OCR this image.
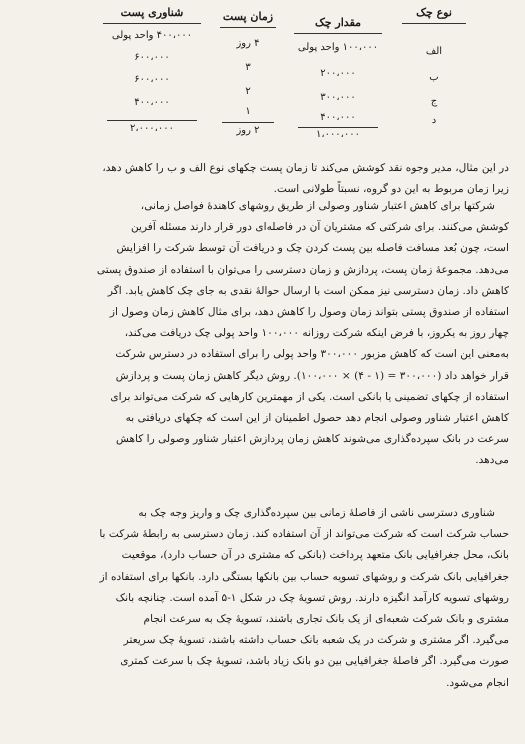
نوع چک
الف
ب
ج
د
مقدار چک
۱۰۰،۰۰۰ واحد پولی
۲۰۰،۰۰۰
۳۰۰،۰۰۰
۴۰۰،۰۰۰
۱،۰۰۰،۰۰۰
زمان پست
۴ روز
۳
۲
۱
۲ روز
شناوری پست
۴۰۰،۰۰۰ واحد پولی
۶۰۰،۰۰۰
۶۰۰،۰۰۰
۴۰۰،۰۰۰
۲،۰۰۰،۰۰۰
در این مثال، مدیر وجوه نقد کوشش می‌کند تا زمان پست چکهای نوع الف و ب را کاهش دهد،
زیرا زمان مربوط به این دو گروه، نسبتاً طولانی است.
شرکتها برای کاهش اعتبار شناور وصولی از طریق روشهای کاهندهٔ فواصل زمانی،
کوشش می‌کنند. برای شرکتی که مشتریان آن در فاصله‌ای دور قرار دارند مسئله آفرین
است، چون بُعد مسافت فاصله بین پست کردن چک و دریافت آن توسط شرکت را افزایش
می‌دهد. مجموعهٔ زمان پست، پردازش و زمان دسترسی را می‌توان با استفاده از صندوق پستی
کاهش داد. زمان دسترسی نیز ممکن است با ارسال حوالهٔ نقدی به جای چک کاهش یابد. اگر
استفاده از صندوق پستی بتواند زمان وصول را کاهش دهد، برای مثال کاهش زمان وصول از
چهار روز به یکروز، با فرض اینکه شرکت روزانه ۱۰۰،۰۰۰ واحد پولی چک دریافت می‌کند،
به‌معنی این است که کاهش مزبور ۳۰۰،۰۰۰ واحد پولی را برای استفاده در دسترس شرکت
قرار خواهد داد (۳۰۰،۰۰۰ = (۱ - ۴) × ۱۰۰،۰۰۰). روش دیگر کاهش زمان پست و پردازش
استفاده از چکهای تضمینی یا بانکی است. یکی از مهمترین کارهایی که شرکت می‌تواند برای
کاهش اعتبار شناور وصولی انجام دهد حصول اطمینان از این است که چکهای دریافتی به
سرعت در بانک سپرده‌گذاری می‌شوند کاهش زمان پردازش اعتبار شناور وصولی را کاهش
می‌دهد.
شناوری دسترسی ناشی از فاصلهٔ زمانی بین سپرده‌گذاری چک و واریز وجه چک به
حساب شرکت است که شرکت می‌تواند از آن استفاده کند. زمان دسترسی به رابطهٔ شرکت با
بانک، محل جغرافیایی بانک متعهد پرداخت (بانکی که مشتری در آن حساب دارد)، موقعیت
جغرافیایی بانک شرکت و روشهای تسویه حساب بین بانکها بستگی دارد. بانکها برای استفاده از
روشهای تسویه کارآمد انگیزه دارند. روش تسویهٔ چک در شکل ۱-۵ آمده است. چنانچه بانک
مشتری و بانک شرکت شعبه‌ای از یک بانک تجاری باشند، تسویهٔ چک به سرعت انجام
می‌گیرد. اگر مشتری و شرکت در یک شعبه بانک حساب داشته باشند، تسویهٔ چک سریعتر
صورت می‌گیرد. اگر فاصلهٔ جغرافیایی بین دو بانک زیاد باشد، تسویهٔ چک با سرعت کمتری
انجام می‌شود.
